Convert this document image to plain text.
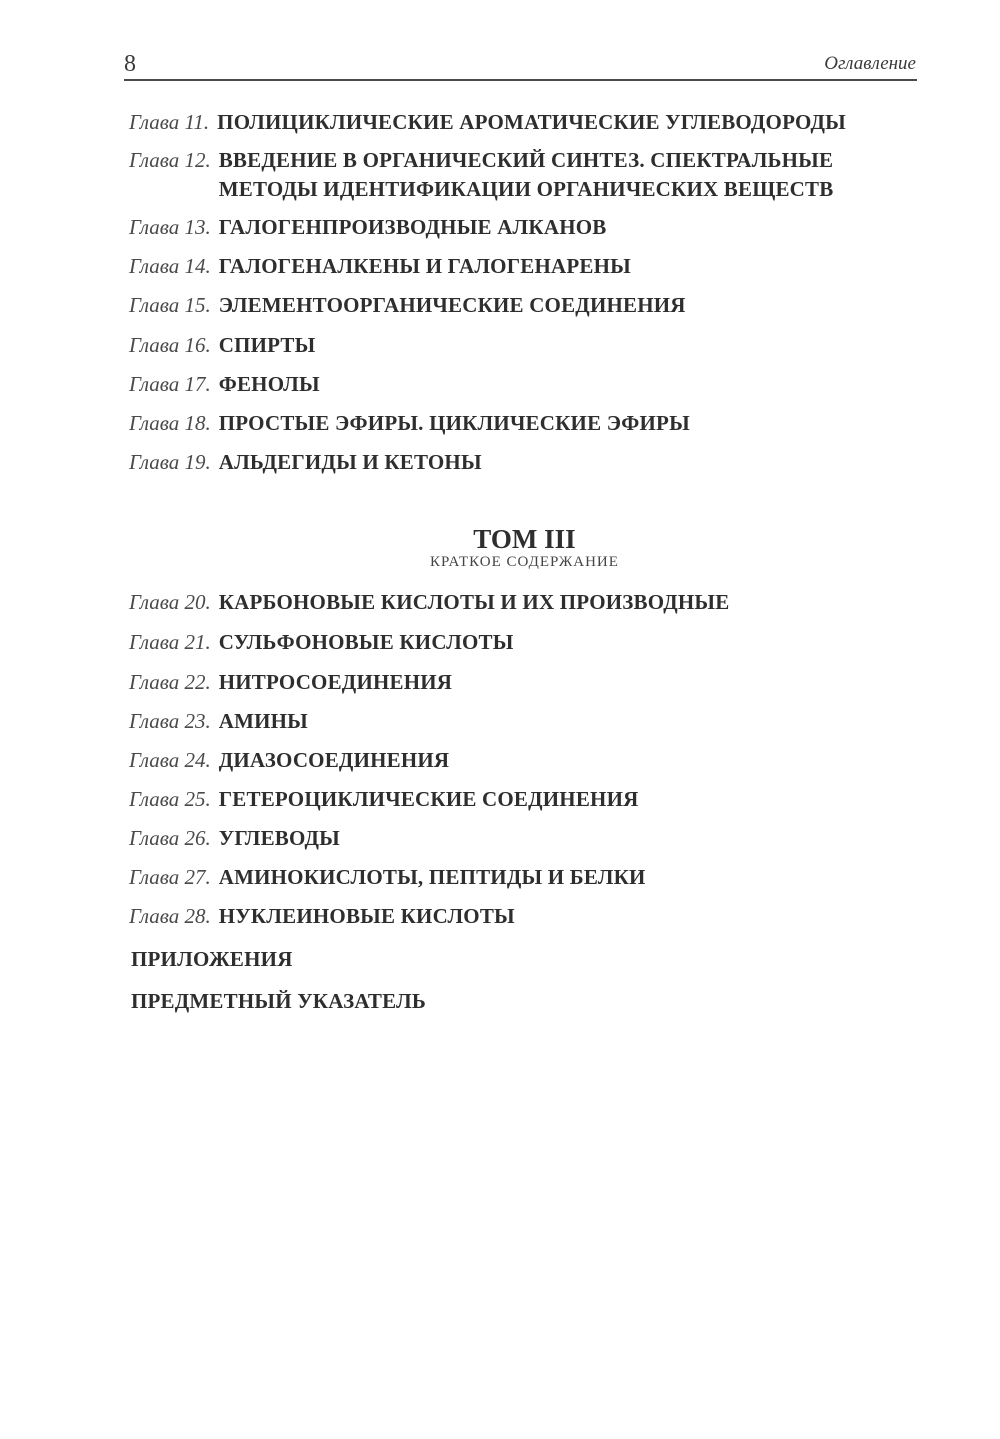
8	Оглавление
Глава 11. ПОЛИЦИКЛИЧЕСКИЕ АРОМАТИЧЕСКИЕ УГЛЕВОДОРОДЫ
Глава 12. ВВЕДЕНИЕ В ОРГАНИЧЕСКИЙ СИНТЕЗ. СПЕКТРАЛЬНЫЕ
МЕТОДЫ ИДЕНТИФИКАЦИИ ОРГАНИЧЕСКИХ ВЕЩЕСТВ
Глава 13. ГАЛОГЕНПРОИЗВОДНЫЕ АЛКАНОВ
Глава 14. ГАЛОГЕНАЛКЕНЫ И ГАЛОГЕНАРЕНЫ
Глава 15. ЭЛЕМЕНТООРГАНИЧЕСКИЕ СОЕДИНЕНИЯ
Глава 16. СПИРТЫ
Глава 17. ФЕНОЛЫ
Глава 18. ПРОСТЫЕ ЭФИРЫ. ЦИКЛИЧЕСКИЕ ЭФИРЫ
Глава 19. АЛЬДЕГИДЫ И КЕТОНЫ
ТОМ III
КРАТКОЕ СОДЕРЖАНИЕ
Глава 20. КАРБОНОВЫЕ КИСЛОТЫ И ИХ ПРОИЗВОДНЫЕ
Глава 21. СУЛЬФОНОВЫЕ КИСЛОТЫ
Глава 22. НИТРОСОЕДИНЕНИЯ
Глава 23. АМИНЫ
Глава 24. ДИАЗОСОЕДИНЕНИЯ
Глава 25. ГЕТЕРОЦИКЛИЧЕСКИЕ СОЕДИНЕНИЯ
Глава 26. УГЛЕВОДЫ
Глава 27. АМИНОКИСЛОТЫ, ПЕПТИДЫ И БЕЛКИ
Глава 28. НУКЛЕИНОВЫЕ КИСЛОТЫ
ПРИЛОЖЕНИЯ
ПРЕДМЕТНЫЙ УКАЗАТЕЛЬ
